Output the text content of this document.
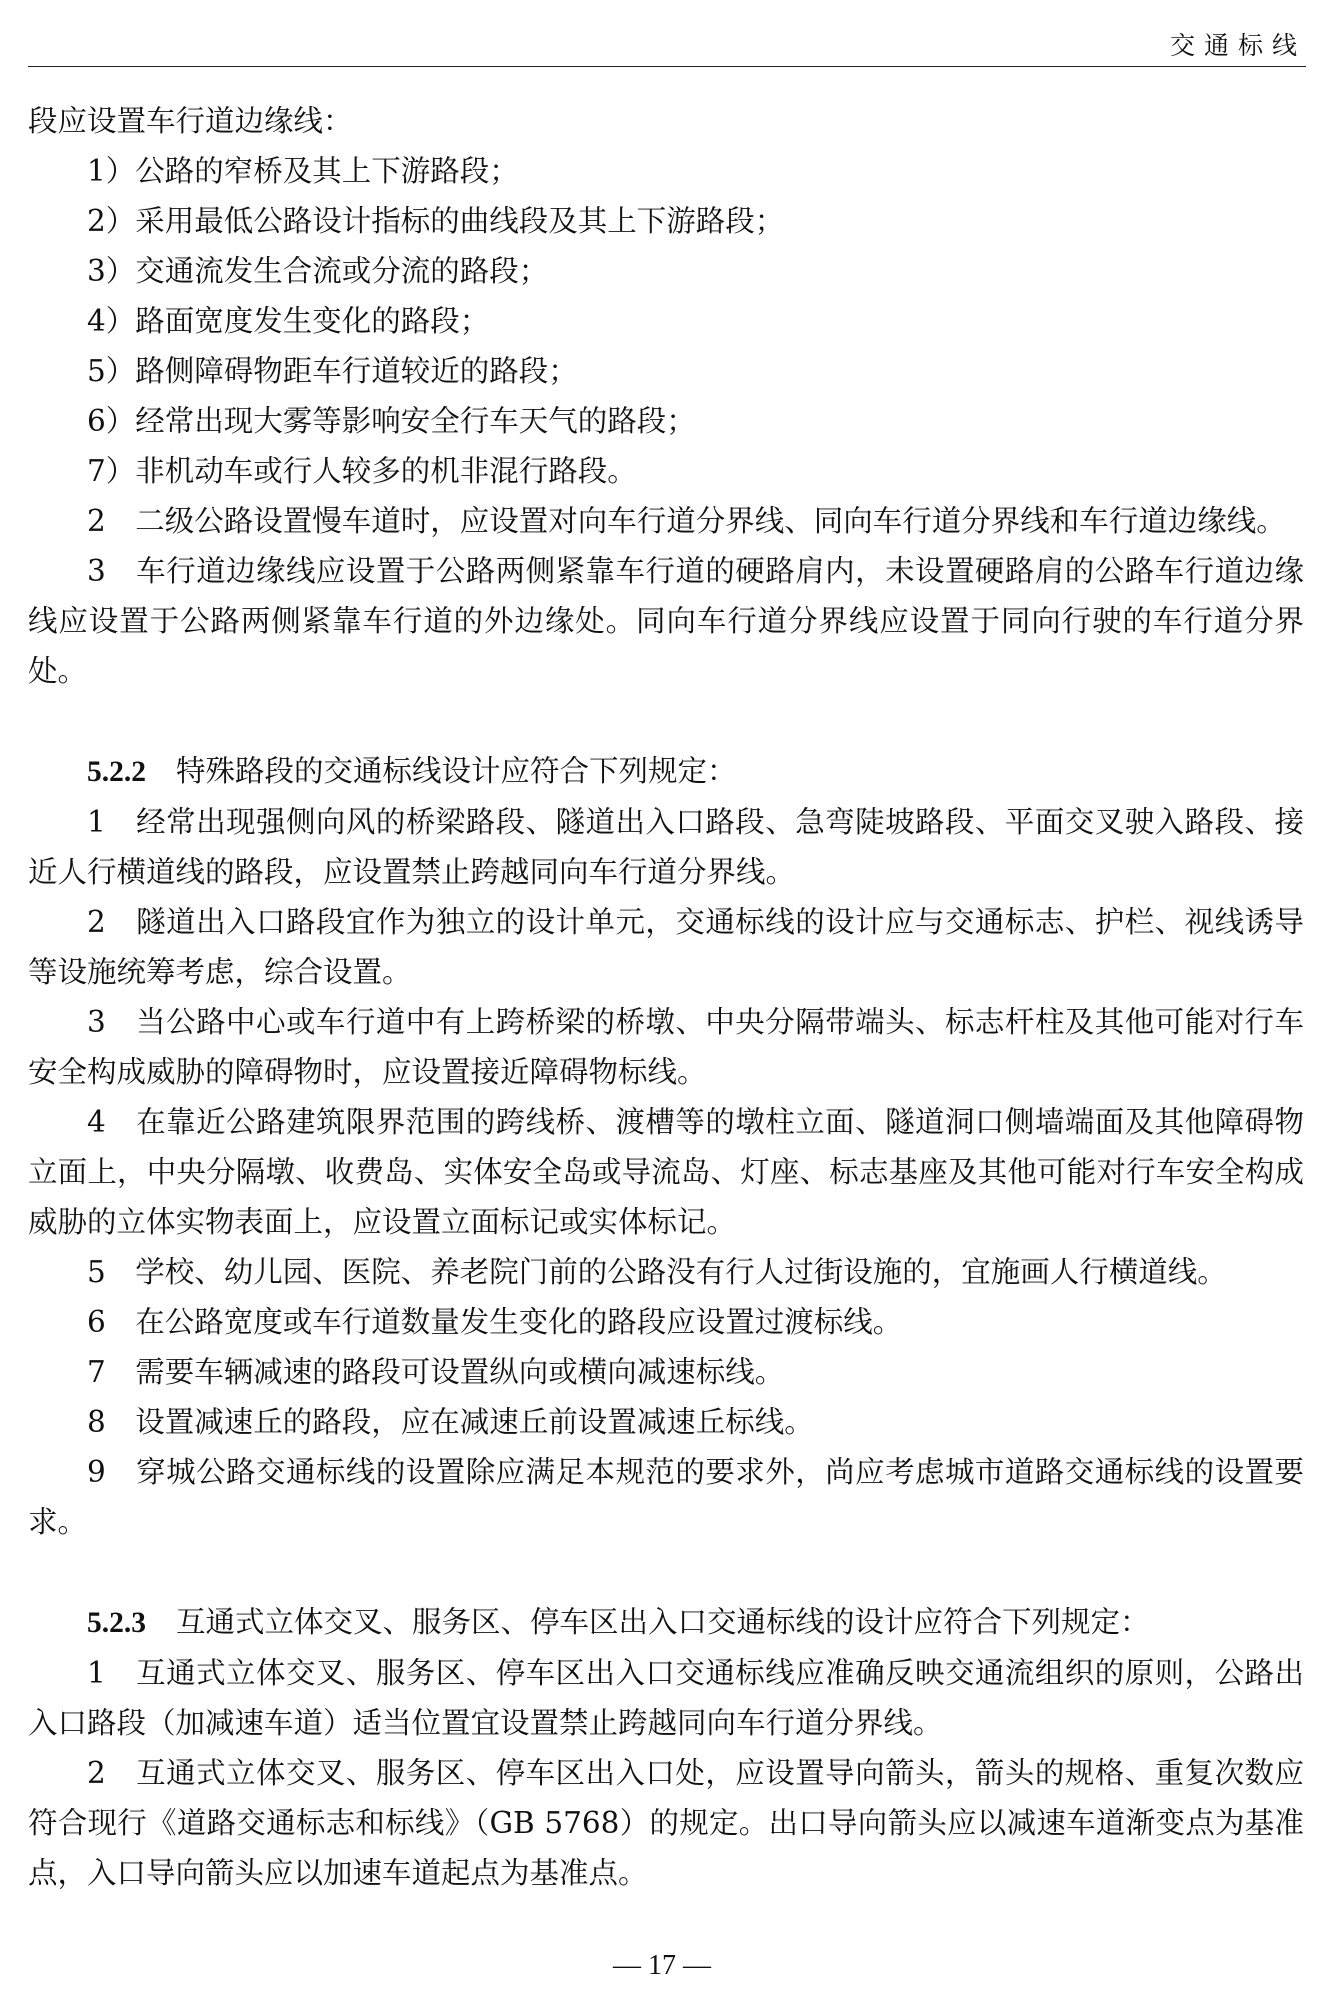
交通标线

段应设置车行道边缘线：

1）公路的窄桥及其上下游路段；

2）采用最低公路设计指标的曲线段及其上下游路段；

3）交通流发生合流或分流的路段；

4）路面宽度发生变化的路段；

5）路侧障碍物距车行道较近的路段；

6）经常出现大雾等影响安全行车天气的路段；

7）非机动车或行人较多的机非混行路段。

2　二级公路设置慢车道时，应设置对向车行道分界线、同向车行道分界线和车行道边缘线。

3　车行道边缘线应设置于公路两侧紧靠车行道的硬路肩内，未设置硬路肩的公路车行道边缘线应设置于公路两侧紧靠车行道的外边缘处。同向车行道分界线应设置于同向行驶的车行道分界处。

5.2.2 特殊路段的交通标线设计应符合下列规定：

1　经常出现强侧向风的桥梁路段、隧道出入口路段、急弯陡坡路段、平面交叉驶入路段、接近人行横道线的路段，应设置禁止跨越同向车行道分界线。

2　隧道出入口路段宜作为独立的设计单元，交通标线的设计应与交通标志、护栏、视线诱导等设施统筹考虑，综合设置。

3　当公路中心或车行道中有上跨桥梁的桥墩、中央分隔带端头、标志杆柱及其他可能对行车安全构成威胁的障碍物时，应设置接近障碍物标线。

4　在靠近公路建筑限界范围的跨线桥、渡槽等的墩柱立面、隧道洞口侧墙端面及其他障碍物立面上，中央分隔墩、收费岛、实体安全岛或导流岛、灯座、标志基座及其他可能对行车安全构成威胁的立体实物表面上，应设置立面标记或实体标记。

5　学校、幼儿园、医院、养老院门前的公路没有行人过街设施的，宜施画人行横道线。

6　在公路宽度或车行道数量发生变化的路段应设置过渡标线。

7　需要车辆减速的路段可设置纵向或横向减速标线。

8　设置减速丘的路段，应在减速丘前设置减速丘标线。

9　穿城公路交通标线的设置除应满足本规范的要求外，尚应考虑城市道路交通标线的设置要求。

5.2.3 互通式立体交叉、服务区、停车区出入口交通标线的设计应符合下列规定：

1　互通式立体交叉、服务区、停车区出入口交通标线应准确反映交通流组织的原则，公路出入口路段（加减速车道）适当位置宜设置禁止跨越同向车行道分界线。

2　互通式立体交叉、服务区、停车区出入口处，应设置导向箭头，箭头的规格、重复次数应符合现行《道路交通标志和标线》（GB 5768）的规定。出口导向箭头应以减速车道渐变点为基准点，入口导向箭头应以加速车道起点为基准点。

— 17 —
